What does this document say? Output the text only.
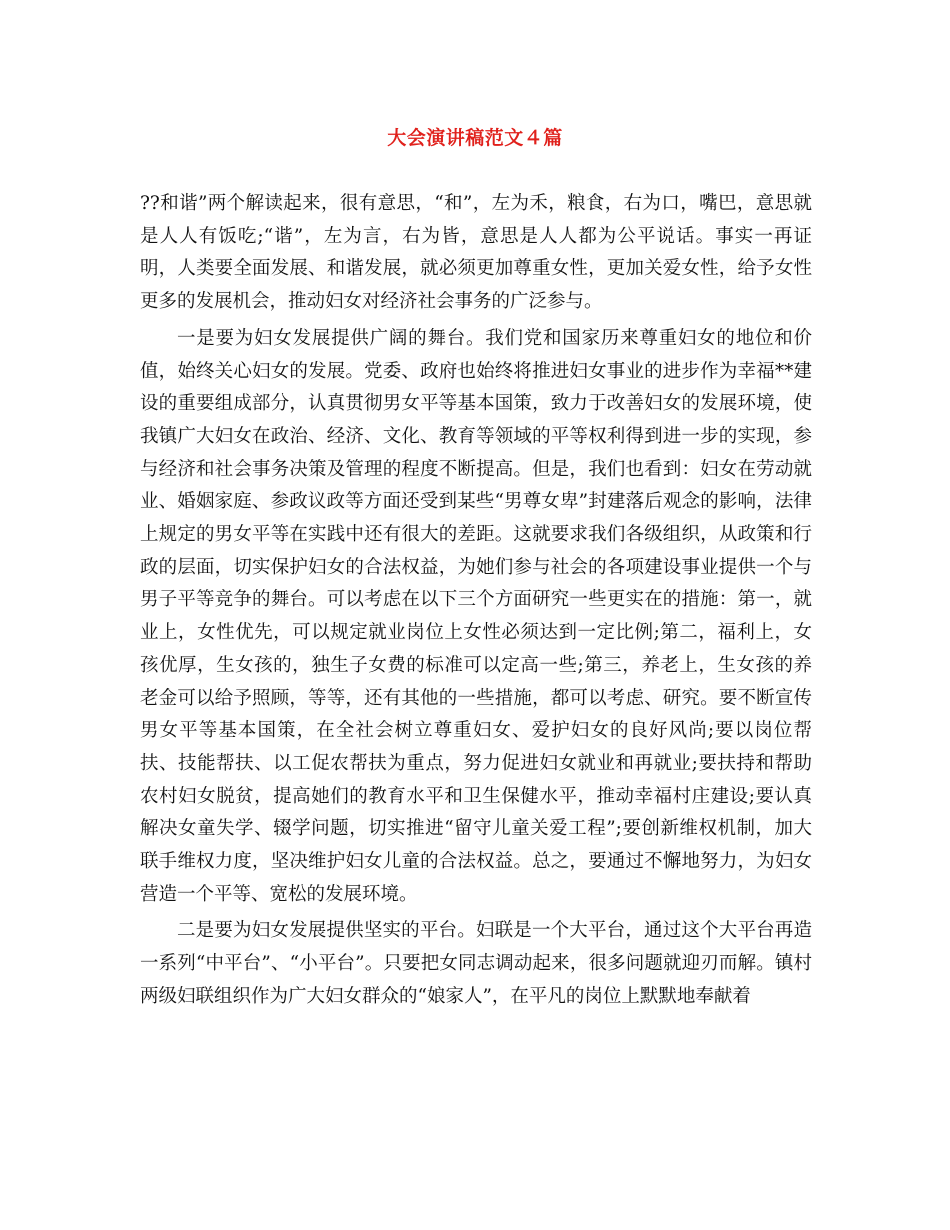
大会演讲稿范文４篇

??和谐”两个解读起来，很有意思，“和”，左为禾，粮食，右为口，嘴巴，意思就是人人有饭吃;“谐”，左为言，右为皆，意思是人人都为公平说话。事实一再证明，人类要全面发展、和谐发展，就必须更加尊重女性，更加关爱女性，给予女性更多的发展机会，推动妇女对经济社会事务的广泛参与。

一是要为妇女发展提供广阔的舞台。我们党和国家历来尊重妇女的地位和价值，始终关心妇女的发展。党委、政府也始终将推进妇女事业的进步作为幸福**建设的重要组成部分，认真贯彻男女平等基本国策，致力于改善妇女的发展环境，使我镇广大妇女在政治、经济、文化、教育等领域的平等权利得到进一步的实现，参与经济和社会事务决策及管理的程度不断提高。但是，我们也看到：妇女在劳动就业、婚姻家庭、参政议政等方面还受到某些“男尊女卑”封建落后观念的影响，法律上规定的男女平等在实践中还有很大的差距。这就要求我们各级组织，从政策和行政的层面，切实保护妇女的合法权益，为她们参与社会的各项建设事业提供一个与男子平等竞争的舞台。可以考虑在以下三个方面研究一些更实在的措施：第一，就业上，女性优先，可以规定就业岗位上女性必须达到一定比例;第二，福利上，女孩优厚，生女孩的，独生子女费的标准可以定高一些;第三，养老上，生女孩的养老金可以给予照顾，等等，还有其他的一些措施，都可以考虑、研究。要不断宣传男女平等基本国策，在全社会树立尊重妇女、爱护妇女的良好风尚;要以岗位帮扶、技能帮扶、以工促农帮扶为重点，努力促进妇女就业和再就业;要扶持和帮助农村妇女脱贫，提高她们的教育水平和卫生保健水平，推动幸福村庄建设;要认真解决女童失学、辍学问题，切实推进“留守儿童关爱工程”;要创新维权机制，加大联手维权力度，坚决维护妇女儿童的合法权益。总之，要通过不懈地努力，为妇女营造一个平等、宽松的发展环境。

二是要为妇女发展提供坚实的平台。妇联是一个大平台，通过这个大平台再造一系列“中平台”、“小平台”。只要把女同志调动起来，很多问题就迎刃而解。镇村两级妇联组织作为广大妇女群众的“娘家人”，在平凡的岗位上默默地奉献着
